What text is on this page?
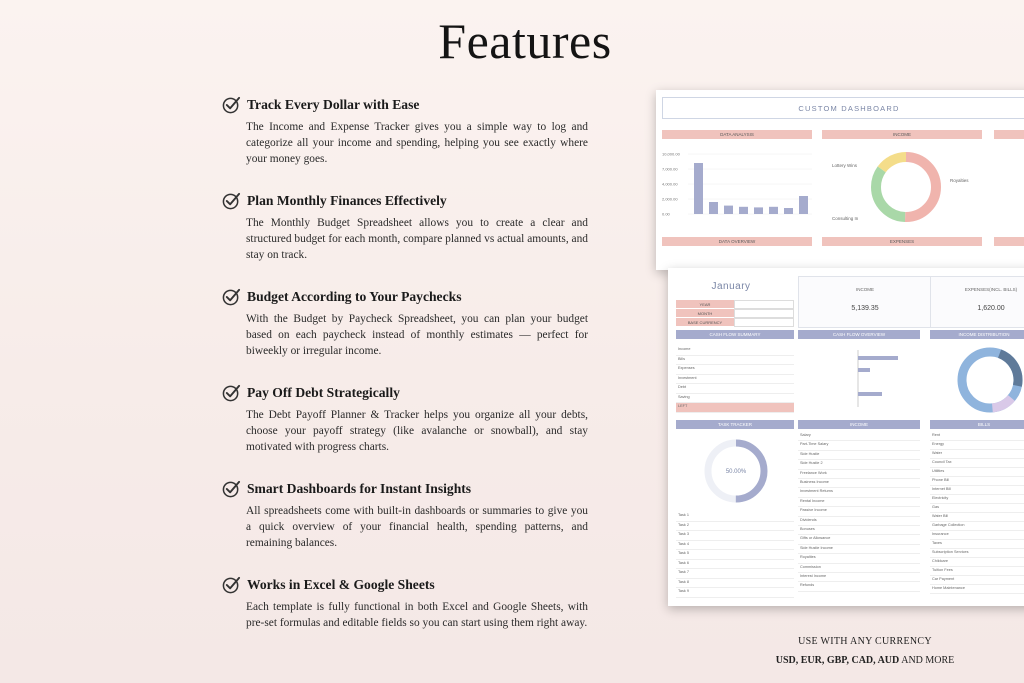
Features
Track Every Dollar with Ease

The Income and Expense Tracker gives you a simple way to log and categorize all your income and spending, helping you see exactly where your money goes.

Plan Monthly Finances Effectively

The Monthly Budget Spreadsheet allows you to create a clear and structured budget for each month, compare planned vs actual amounts, and stay on track.

Budget According to Your Paychecks

With the Budget by Paycheck Spreadsheet, you can plan your budget based on each paycheck instead of monthly estimates — perfect for biweekly or irregular income.

Pay Off Debt Strategically

The Debt Payoff Planner & Tracker helps you organize all your debts, choose your payoff strategy (like avalanche or snowball), and stay motivated with progress charts.

Smart Dashboards for Instant Insights

All spreadsheets come with built-in dashboards or summaries to give you a quick overview of your financial health, spending patterns, and remaining balances.

Works in Excel & Google Sheets

Each template is fully functional in both Excel and Google Sheets, with pre-set formulas and editable fields so you can start using them right away.

CUSTOM DASHBOARD
DATA ANALYSIS	INCOME
10,000.00
7,000.00
4,000.00
2,000.00
0.00
Lottery Wins
Royalties
Consulting In
DATA OVERVIEW	EXPENSES
January
YEAR
MONTH
BASE CURRENCY
INCOME
5,139.35
EXPENSES(INCL. BILLS)
1,620.00
CASH FLOW SUMMARY	CASH FLOW OVERVIEW	INCOME DISTRIBUTION
Income
Bills
Expenses
Investment
Debt
Saving
LEFT
TASK TRACKER	INCOME	BILLS
50.00%
Task 1
Task 2
Task 3
Task 4
Task 5
Task 6
Task 7
Task 8
Task 9
Salary
Part-Time Salary
Side Hustle
Side Hustle 2
Freelance Work
Business Income
Investment Returns
Rental Income
Passive Income
Dividends
Bonuses
Gifts or Allowance
Side Hustle Income
Royalties
Commission
Interest Income
Refunds
Rent
Energy
Water
Council Tax
Utilities
Phone Bill
Internet Bill
Electricity
Gas
Water Bill
Garbage Collection
Insurance
Taxes
Subscription Services
Childcare
Tuition Fees
Car Payment
Home Maintenance
USE WITH ANY CURRENCY
USD, EUR, GBP, CAD, AUD AND MORE
